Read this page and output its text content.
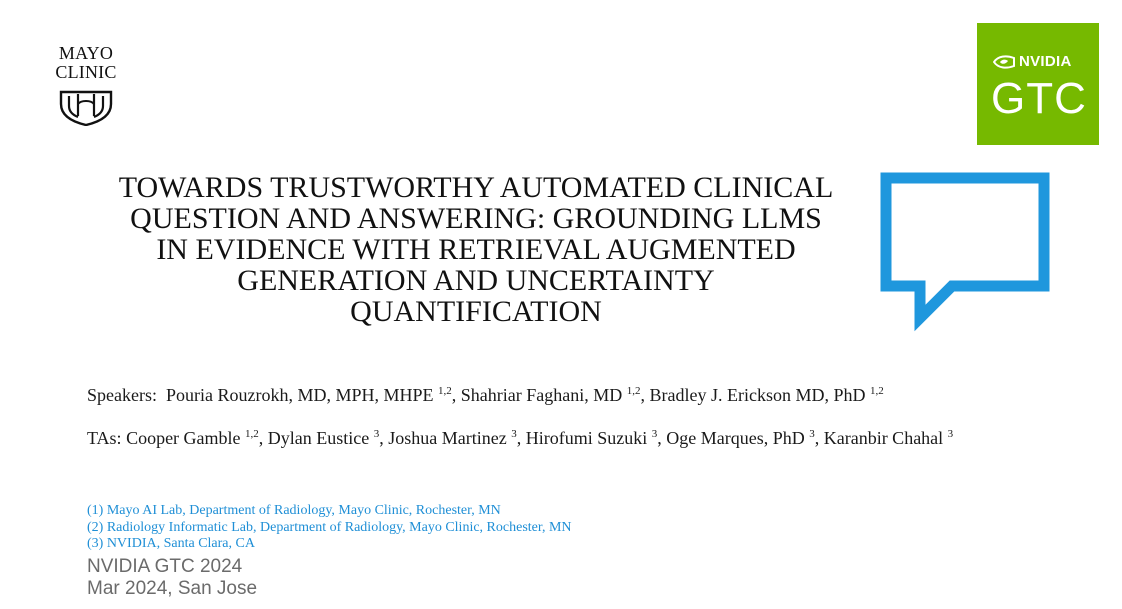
MAYO
CLINIC
NVIDIA
GTC
TOWARDS TRUSTWORTHY AUTOMATED CLINICAL
QUESTION AND ANSWERING: GROUNDING LLMS
IN EVIDENCE WITH RETRIEVAL AUGMENTED
GENERATION AND UNCERTAINTY
QUANTIFICATION

Speakers: Pouria Rouzrokh, MD, MPH, MHPE $^{1,2}$, Shahriar Faghani, MD $^{1,2}$, Bradley J. Erickson MD, PhD $^{1,2}$

TAs: Cooper Gamble $^{1,2}$, Dylan Eustice $^3$, Joshua Martinez $^3$, Hirofumi Suzuki $^3$, Oge Marques, PhD $^3$, Karanbir Chahal $^3$

(1) Mayo AI Lab, Department of Radiology, Mayo Clinic, Rochester, MN
(2) Radiology Informatic Lab, Department of Radiology, Mayo Clinic, Rochester, MN
(3) NVIDIA, Santa Clara, CA
NVIDIA GTC 2024
Mar 2024, San Jose
